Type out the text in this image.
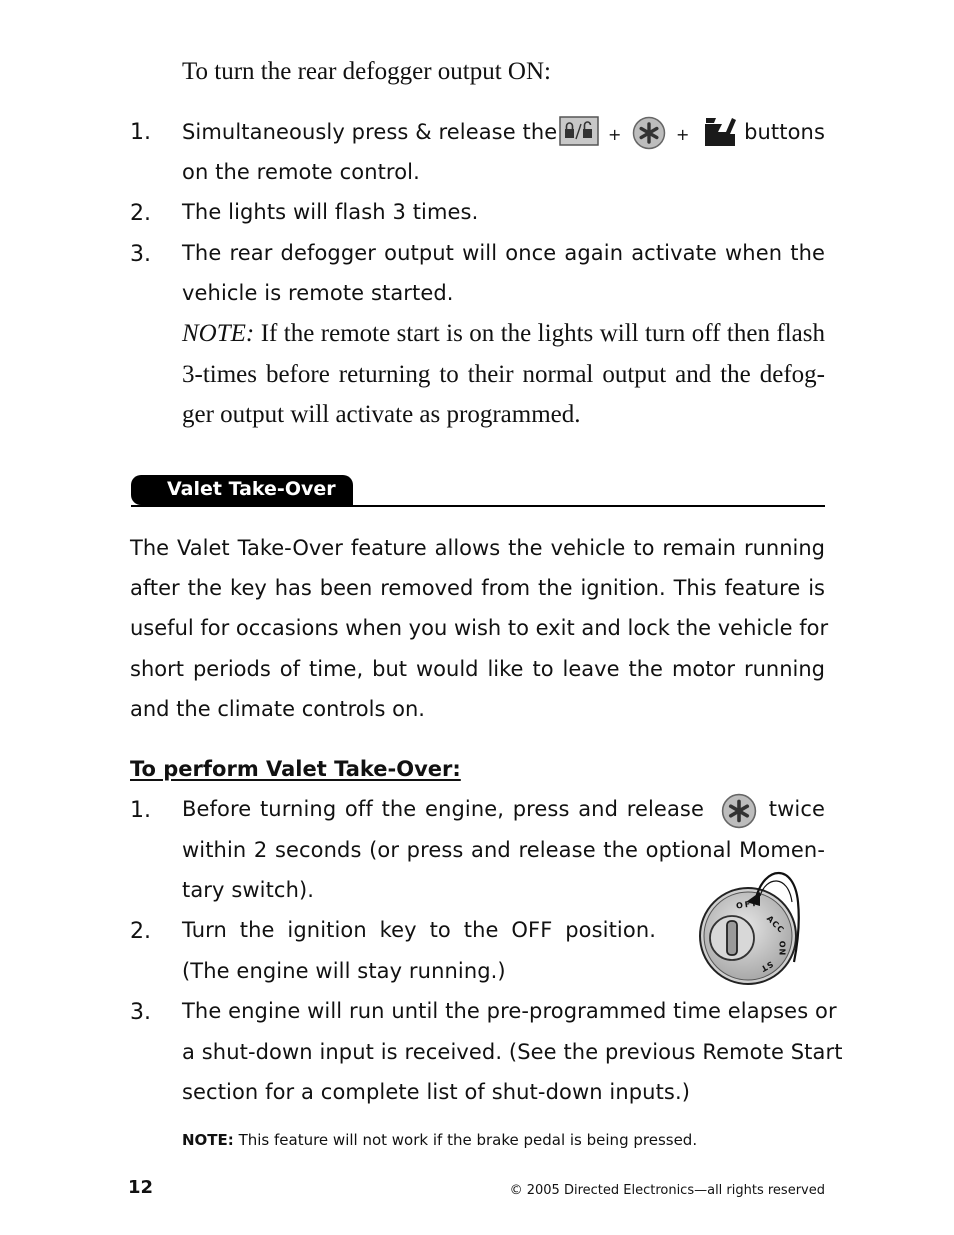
To turn the rear defogger output ON:
1. Simultaneously press & release the	+	+	buttons
on the remote control.
2. The lights will flash 3 times.
3. The rear defogger output will once again activate when the
vehicle is remote started.
NOTE: If the remote start is on the lights will turn off then flash
3-times before returning to their normal output and the defog-
ger output will activate as programmed.
Valet Take-Over
The Valet Take-Over feature allows the vehicle to remain running
after the key has been removed from the ignition. This feature is
useful for occasions when you wish to exit and lock the vehicle for
short periods of time, but would like to leave the motor running
and the climate controls on.
To perform Valet Take-Over:
1. Before turning off the engine, press and release	twice
within 2 seconds (or press and release the optional Momen-
tary switch).
2. Turn the ignition key to the OFF position.
(The engine will stay running.)
OFF
ACC
ON
ST
3. The engine will run until the pre-programmed time elapses or
a shut-down input is received. (See the previous Remote Start
section for a complete list of shut-down inputs.)
NOTE: This feature will not work if the brake pedal is being pressed.
12	© 2005 Directed Electronics—all rights reserved
